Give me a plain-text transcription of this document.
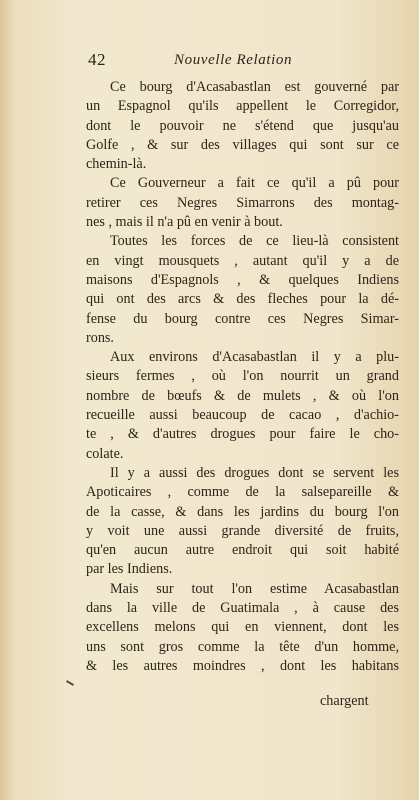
42	Nouvelle Relation
Ce bourg d'Acasabastlan est gouverné par
un Espagnol qu'ils appellent le Corregidor,
dont le pouvoir ne s'étend que jusqu'au
Golfe , & sur des villages qui sont sur ce
chemin-là.
Ce Gouverneur a fait ce qu'il a pû pour
retirer ces Negres Simarrons des montag-
nes , mais il n'a pû en venir à bout.
Toutes les forces de ce lieu-là consistent
en vingt mousquets , autant qu'il y a de
maisons d'Espagnols , & quelques Indiens
qui ont des arcs & des fleches pour la dé-
fense du bourg contre ces Negres Simar-
rons.
Aux environs d'Acasabastlan il y a plu-
sieurs fermes , où l'on nourrit un grand
nombre de bœufs & de mulets , & où l'on
recueille aussi beaucoup de cacao , d'achio-
te , & d'autres drogues pour faire le cho-
colate.
Il y a aussi des drogues dont se servent les
Apoticaires , comme de la salsepareille &
de la casse, & dans les jardins du bourg l'on
y voit une aussi grande diversité de fruits,
qu'en aucun autre endroit qui soit habité
par les Indiens.
Mais sur tout l'on estime Acasabastlan
dans la ville de Guatimala , à cause des
excellens melons qui en viennent, dont les
uns sont gros comme la tête d'un homme,
& les autres moindres , dont les habitans
chargent
